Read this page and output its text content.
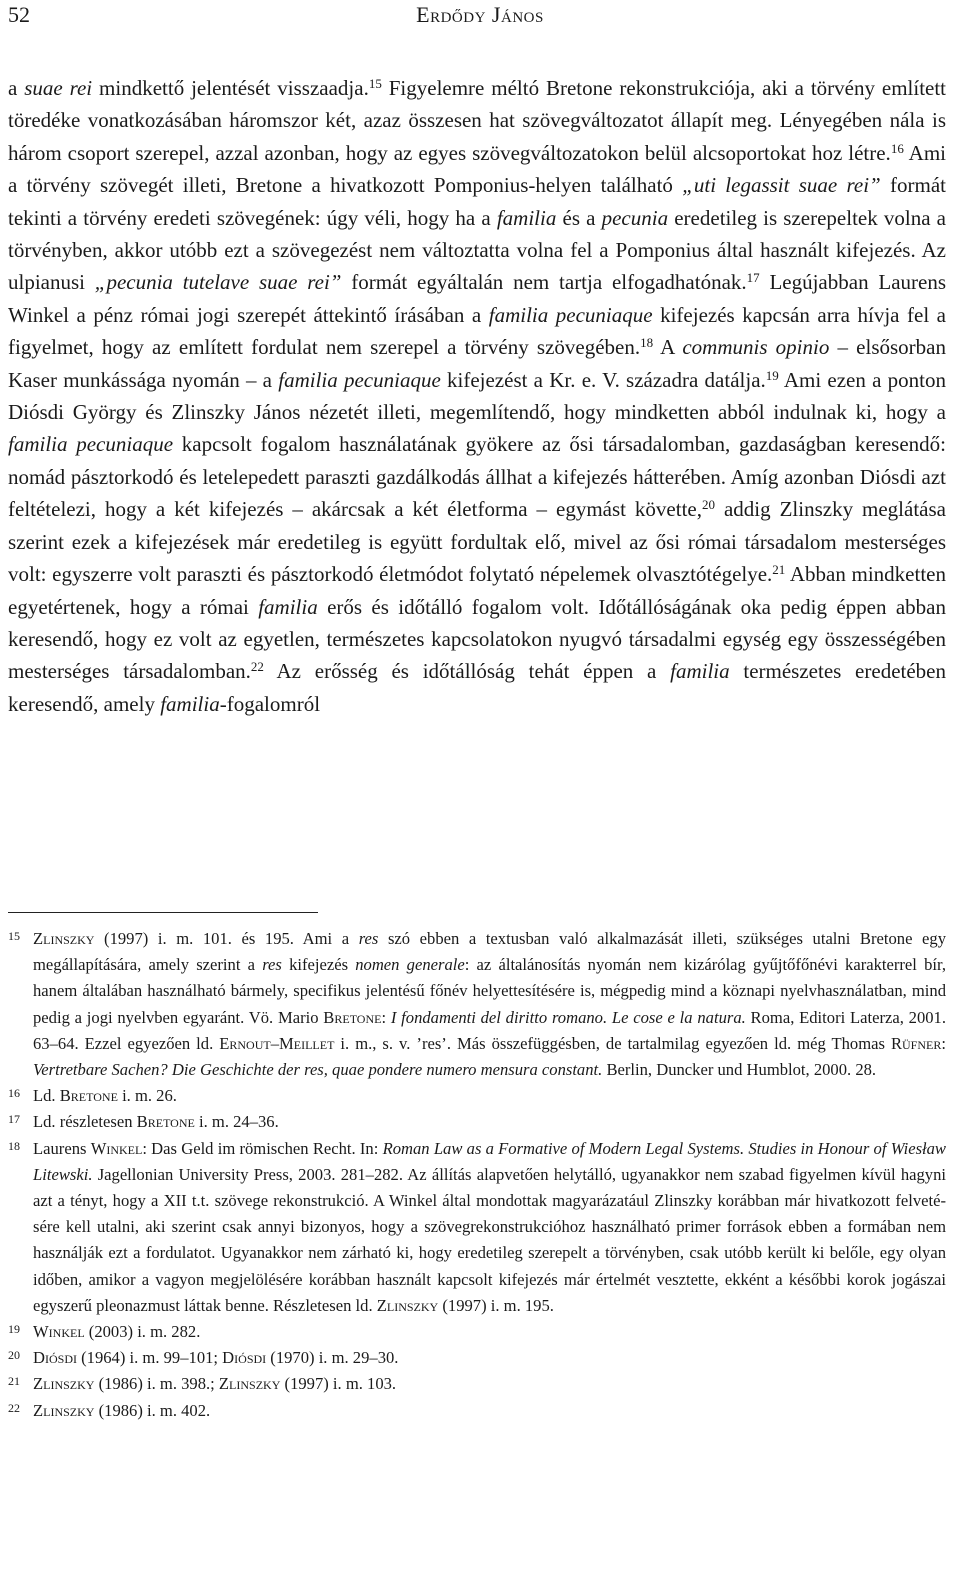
52	Erdődy János

a suae rei mindkettő jelentését visszaadja.$^{15}$ Figyelemre méltó Bretone rekonstrukciója, aki a törvény említett töredéke vonatkozásában háromszor két, azaz összesen hat szövegváltozatot állapít meg. Lényegében nála is három csoport szerepel, azzal azonban, hogy az egyes szövegváltozatokon belül alcsoportokat hoz létre.$^{16}$ Ami a törvény szövegét illeti, Bretone a hivatkozott Pomponius-helyen található „uti legassit suae rei” formát tekinti a törvény eredeti szövegének: úgy véli, hogy ha a familia és a pecunia eredetileg is szerepeltek volna a törvényben, akkor utóbb ezt a szövegezést nem változtatta volna fel a Pomponius által használt kifejezés. Az ulpianusi „pecunia tutelave suae rei” formát egyáltalán nem tartja elfogadhatónak.$^{17}$ Legújabban Laurens Winkel a pénz római jogi szerepét áttekintő írásában a familia pecuniaque kifejezés kapcsán arra hívja fel a figyelmet, hogy az említett fordulat nem szerepel a törvény szövegében.$^{18}$ A communis opinio – elsősorban Kaser munkássága nyomán – a familia pecuniaque kifejezést a Kr. e. V. századra datálja.$^{19}$ Ami ezen a ponton Diósdi György és Zlinszky János nézetét illeti, megemlítendő, hogy mindketten abból indulnak ki, hogy a familia pecuniaque kapcsolt fogalom használatának gyökere az ősi társadalomban, gazdaságban keresendő: nomád pásztorkodó és letelepedett paraszti gazdálkodás állhat a kifejezés hátterében. Amíg azonban Diósdi azt feltételezi, hogy a két kifejezés – akárcsak a két életforma – egymást követte,$^{20}$ addig Zlinszky meglátása szerint ezek a kifejezések már eredetileg is együtt fordultak elő, mivel az ősi római társadalom mesterséges volt: egyszerre volt paraszti és pásztorkodó életmódot folytató népelemek olvasztótégelye.$^{21}$ Abban mindketten egyetértenek, hogy a római familia erős és időtálló fogalom volt. Időtállóságának oka pedig éppen abban keresendő, hogy ez volt az egyetlen, természetes kapcsolatokon nyugvó társadalmi egység egy összességében mesterséges társadalomban.$^{22}$ Az erősség és időtállóság tehát éppen a familia természetes eredetében keresendő, amely familia-fogalomról

15 Zlinszky (1997) i. m. 101. és 195. Ami a res szó ebben a textusban való alkalmazását illeti, szükséges utalni Bretone egy megállapítására, amely szerint a res kifejezés nomen generale: az általánosítás nyomán nem kizárólag gyűjtőfőnévi karakterrel bír, hanem általában használható bármely, specifikus jelentésű főnév helyettesítésére is, mégpedig mind a köznapi nyelvhasználatban, mind pedig a jogi nyelvben egyaránt. Vö. Mario Bretone: I fondamenti del diritto romano. Le cose e la natura. Roma, Editori Laterza, 2001. 63–64. Ezzel egyezően ld. Ernout–Meillet i. m., s. v. ’res’. Más összefüggésben, de tartalmilag egyezően ld. még Thomas Rüfner: Vertretbare Sachen? Die Geschichte der res, quae pondere numero mensura constant. Berlin, Duncker und Humblot, 2000. 28.
16 Ld. Bretone i. m. 26.
17 Ld. részletesen Bretone i. m. 24–36.
18 Laurens Winkel: Das Geld im römischen Recht. In: Roman Law as a Formative of Modern Legal Systems. Studies in Honour of Wiesław Litewski. Jagellonian University Press, 2003. 281–282. Az állítás alapvetően helytálló, ugyanakkor nem szabad figyelmen kívül hagyni azt a tényt, hogy a XII t.t. szövege rekonstrukció. A Winkel által mondottak magyarázatául Zlinszky korábban már hivatkozott felvetésére kell utalni, aki szerint csak annyi bizonyos, hogy a szövegrekonstrukcióhoz használható primer források ebben a formában nem használják ezt a fordulatot. Ugyanakkor nem zárható ki, hogy eredetileg szerepelt a törvényben, csak utóbb került ki belőle, egy olyan időben, amikor a vagyon megjelölésére korábban használt kapcsolt kifejezés már értelmét vesztette, ekként a későbbi korok jogászai egyszerű pleonazmust láttak benne. Részletesen ld. Zlinszky (1997) i. m. 195.
19 Winkel (2003) i. m. 282.
20 Diósdi (1964) i. m. 99–101; Diósdi (1970) i. m. 29–30.
21 Zlinszky (1986) i. m. 398.; Zlinszky (1997) i. m. 103.
22 Zlinszky (1986) i. m. 402.
